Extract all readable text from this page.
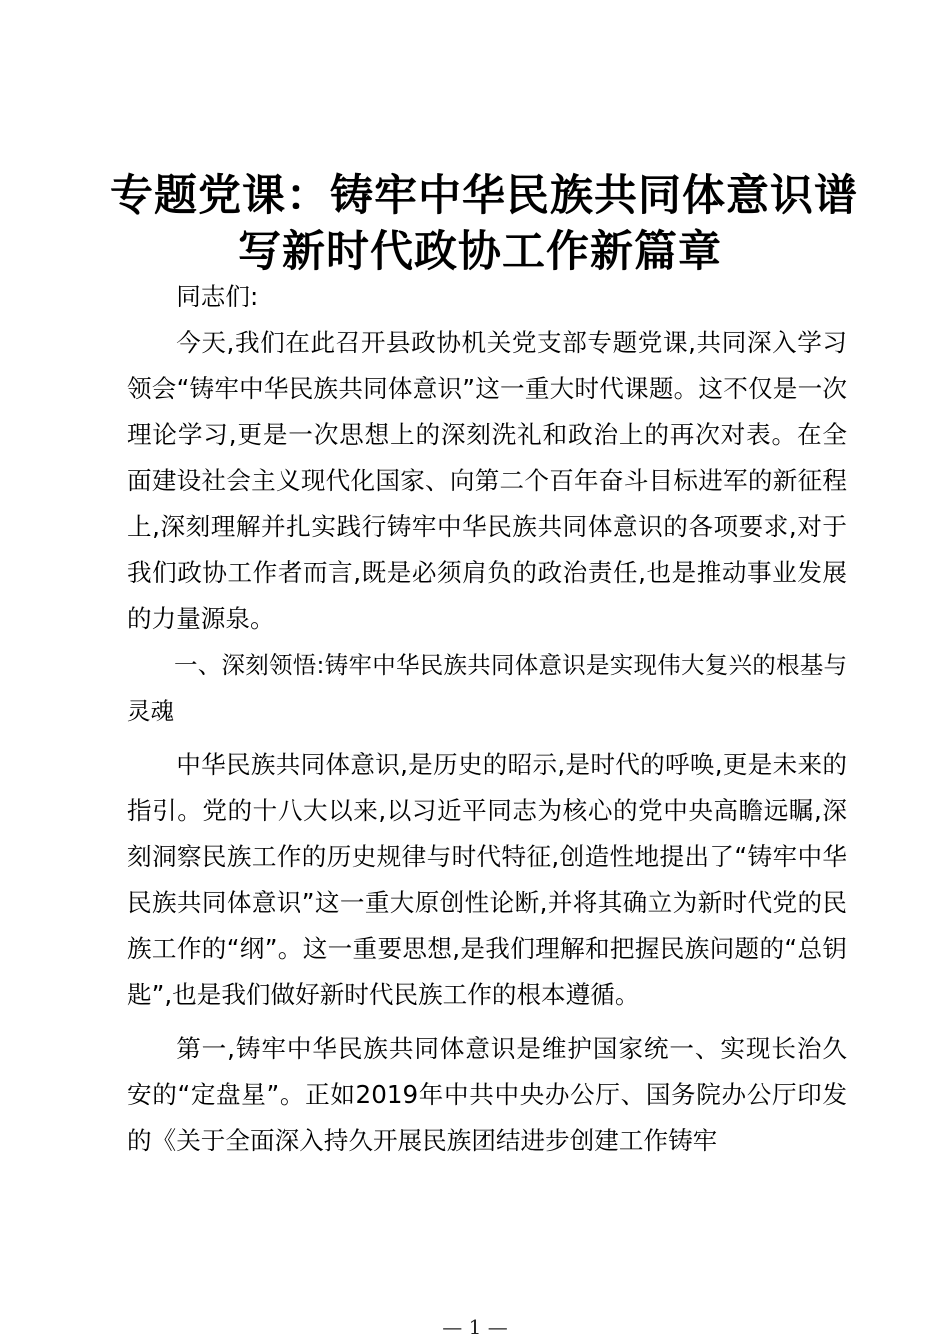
专题党课：铸牢中华民族共同体意识谱
写新时代政协工作新篇章

同志们:

今天,我们在此召开县政协机关党支部专题党课,共同深入学习领会“铸牢中华民族共同体意识”这一重大时代课题。这不仅是一次理论学习,更是一次思想上的深刻洗礼和政治上的再次对表。在全面建设社会主义现代化国家、向第二个百年奋斗目标进军的新征程上,深刻理解并扎实践行铸牢中华民族共同体意识的各项要求,对于我们政协工作者而言,既是必须肩负的政治责任,也是推动事业发展的力量源泉。

一、深刻领悟:铸牢中华民族共同体意识是实现伟大复兴的根基与灵魂

中华民族共同体意识,是历史的昭示,是时代的呼唤,更是未来的指引。党的十八大以来,以习近平同志为核心的党中央高瞻远瞩,深刻洞察民族工作的历史规律与时代特征,创造性地提出了“铸牢中华民族共同体意识”这一重大原创性论断,并将其确立为新时代党的民族工作的“纲”。这一重要思想,是我们理解和把握民族问题的“总钥匙”,也是我们做好新时代民族工作的根本遵循。

第一,铸牢中华民族共同体意识是维护国家统一、实现长治久安的“定盘星”。正如2019年中共中央办公厅、国务院办公厅印发的《关于全面深入持久开展民族团结进步创建工作铸牢

— 1 —
